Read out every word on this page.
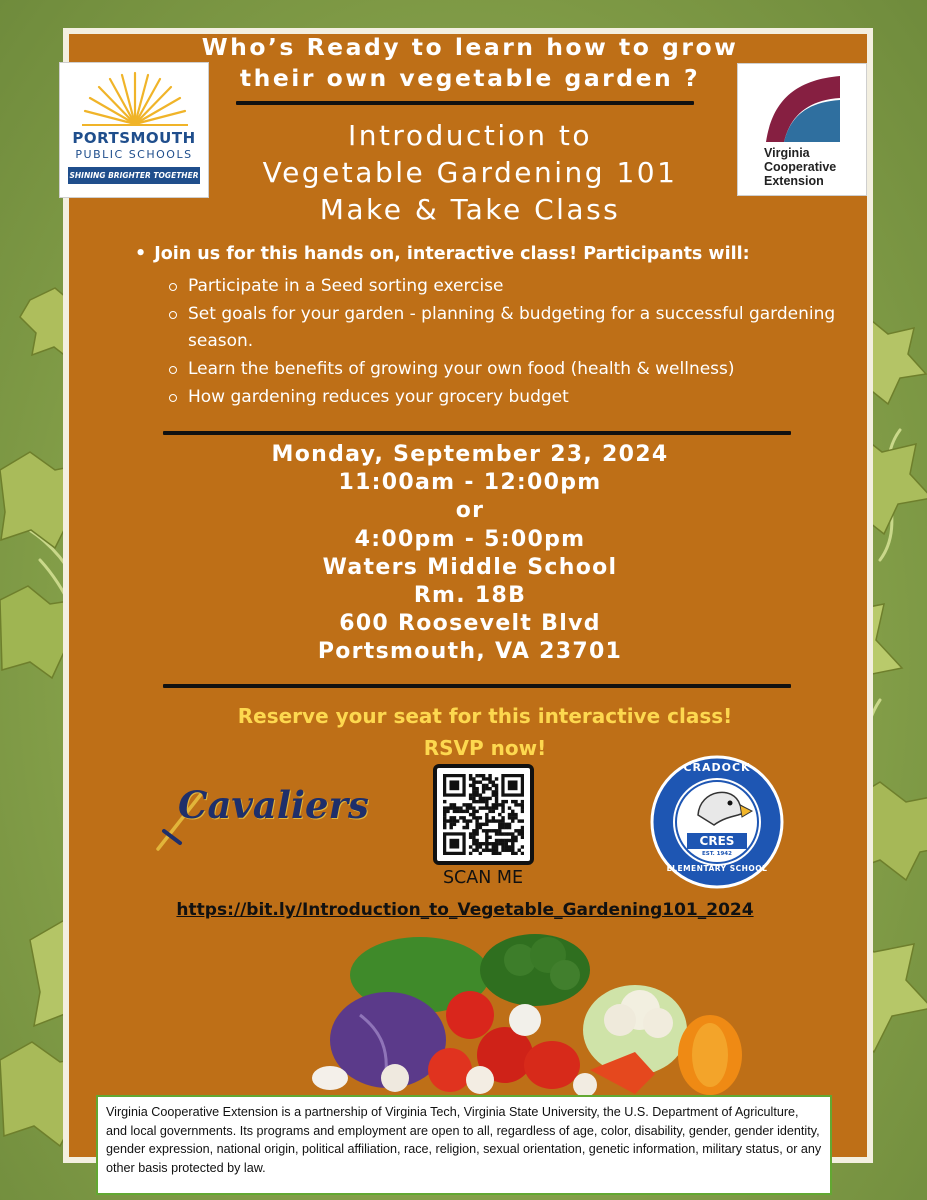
Who’s Ready to learn how to grow
their own vegetable garden ?
PORTSMOUTH
PUBLIC SCHOOLS
SHINING BRIGHTER TOGETHER
Virginia
Cooperative
Extension
Introduction to
Vegetable Gardening 101
Make & Take Class
• Join us for this hands on, interactive class! Participants will:
Participate in a Seed sorting exercise
Set goals for your garden - planning & budgeting for a successful gardening season.
Learn the benefits of growing your own food (health & wellness)
How gardening reduces your grocery budget
Monday, September 23, 2024
11:00am - 12:00pm
or
4:00pm - 5:00pm
Waters Middle School
Rm. 18B
600 Roosevelt Blvd
Portsmouth, VA 23701
Reserve your seat for this interactive class!
RSVP now!
Cavaliers
SCAN ME
CRADOCK
CRES
EST. 1942
ELEMENTARY SCHOOL
https://bit.ly/Introduction_to_Vegetable_Gardening101_2024
Virginia Cooperative Extension is a partnership of Virginia Tech, Virginia State University, the U.S. Department of Agriculture, and local governments. Its programs and employment are open to all, regardless of age, color, disability, gender, gender identity, gender expression, national origin, political affiliation, race, religion, sexual orientation, genetic information, military status, or any other basis protected by law.
